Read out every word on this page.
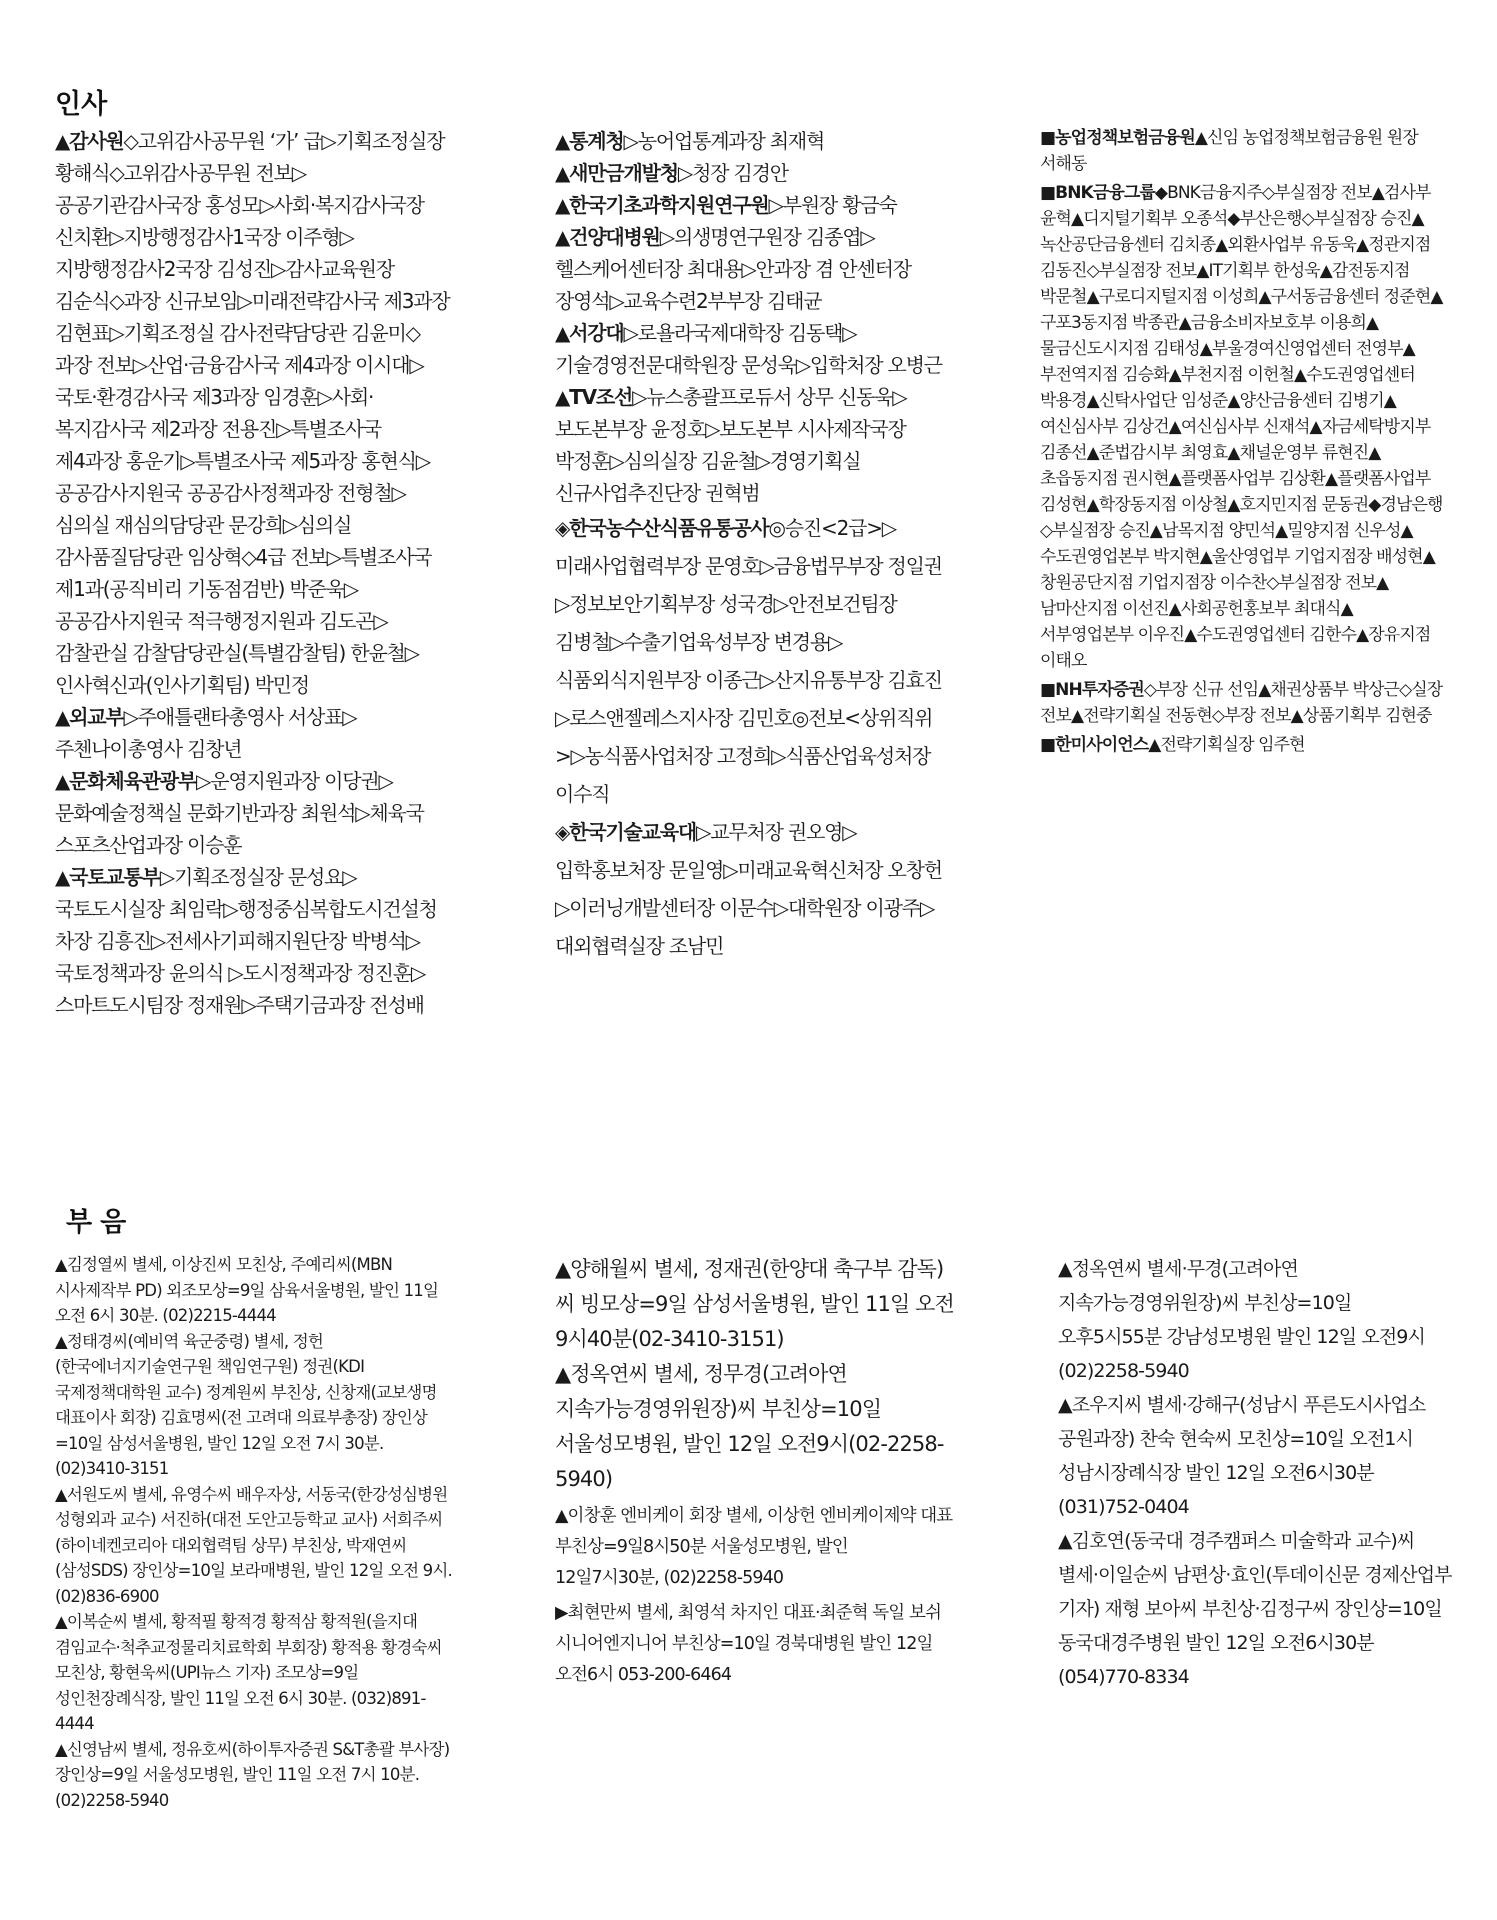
인사

▲감사원◇고위감사공무원 ‘가’ 급▷기획조정실장 황해식◇고위감사공무원 전보▷공공기관감사국장 홍성모▷사회·복지감사국장 신치환▷지방행정감사1국장 이주형▷지방행정감사2국장 김성진▷감사교육원장 김순식◇과장 신규보임▷미래전략감사국 제3과장 김현표▷기획조정실 감사전략담당관 김윤미◇과장 전보▷산업·금융감사국 제4과장 이시대▷국토·환경감사국 제3과장 임경훈▷사회·복지감사국 제2과장 전용진▷특별조사국 제4과장 홍운기▷특별조사국 제5과장 홍현식▷공공감사지원국 공공감사정책과장 전형철▷심의실 재심의담당관 문강희▷심의실 감사품질담당관 임상혁◇4급 전보▷특별조사국 제1과(공직비리 기동점검반) 박준욱▷공공감사지원국 적극행정지원과 김도곤▷감찰관실 감찰담당관실(특별감찰팀) 한윤철▷인사혁신과(인사기획팀) 박민정

▲외교부▷주애틀랜타총영사 서상표▷주첸나이총영사 김창년

▲문화체육관광부▷운영지원과장 이당권▷문화예술정책실 문화기반과장 최원석▷체육국 스포츠산업과장 이승훈

▲국토교통부▷기획조정실장 문성요▷국토도시실장 최임락▷행정중심복합도시건설청 차장 김흥진▷전세사기피해지원단장 박병석▷국토정책과장 윤의식 ▷도시정책과장 정진훈▷스마트도시팀장 정재원▷주택기금과장 전성배

▲통계청▷농어업통계과장 최재혁

▲새만금개발청▷청장 김경안

▲한국기초과학지원연구원▷부원장 황금숙

▲건양대병원▷의생명연구원장 김종엽▷헬스케어센터장 최대용▷안과장 겸 안센터장 장영석▷교육수련2부부장 김태균

▲서강대▷로욜라국제대학장 김동택▷기술경영전문대학원장 문성욱▷입학처장 오병근

▲TV조선▷뉴스총괄프로듀서 상무 신동욱▷보도본부장 윤정호▷보도본부 시사제작국장 박정훈▷심의실장 김윤철▷경영기획실 신규사업추진단장 권혁범

◈한국농수산식품유통공사◎승진<2급>▷미래사업협력부장 문영호▷금융법무부장 정일권▷정보보안기획부장 성국경▷안전보건팀장 김병철▷수출기업육성부장 변경용▷식품외식지원부장 이종근▷산지유통부장 김효진▷로스앤젤레스지사장 김민호◎전보<상위직위>▷농식품사업처장 고정희▷식품산업육성처장 이수직

◈한국기술교육대▷교무처장 권오영▷입학홍보처장 문일영▷미래교육혁신처장 오창헌▷이러닝개발센터장 이문수▷대학원장 이광주▷대외협력실장 조남민

■농업정책보험금융원▲신임 농업정책보험금융원 원장 서해동

■BNK금융그룹◆BNK금융지주◇부실점장 전보▲검사부 윤혁▲디지털기획부 오종석◆부산은행◇부실점장 승진▲녹산공단금융센터 김치종▲외환사업부 유동욱▲정관지점 김동진◇부실점장 전보▲IT기획부 한성욱▲감전동지점 박문철▲구로디지털지점 이성희▲구서동금융센터 정준현▲구포3동지점 박종관▲금융소비자보호부 이용희▲물금신도시지점 김태성▲부울경여신영업센터 전영부▲부전역지점 김승화▲부천지점 이헌철▲수도권영업센터 박용경▲신탁사업단 임성준▲양산금융센터 김병기▲여신심사부 김상건▲여신심사부 신재석▲자금세탁방지부 김종선▲준법감시부 최영효▲채널운영부 류현진▲초읍동지점 권시현▲플랫폼사업부 김상환▲플랫폼사업부 김성현▲학장동지점 이상철▲호지민지점 문동권◆경남은행◇부실점장 승진▲남목지점 양민석▲밀양지점 신우성▲수도권영업본부 박지현▲울산영업부 기업지점장 배성현▲창원공단지점 기업지점장 이수찬◇부실점장 전보▲남마산지점 이선진▲사회공헌홍보부 최대식▲서부영업본부 이우진▲수도권영업센터 김한수▲장유지점 이태오

■NH투자증권◇부장 신규 선임▲채권상품부 박상근◇실장 전보▲전략기획실 전동현◇부장 전보▲상품기획부 김현중

■한미사이언스▲전략기획실장 임주현

부음

▲김정열씨 별세, 이상진씨 모친상, 주예리씨(MBN 시사제작부 PD) 외조모상=9일 삼육서울병원, 발인 11일 오전 6시 30분. (02)2215-4444

▲정태경씨(예비역 육군중령) 별세, 정헌(한국에너지기술연구원 책임연구원) 정권(KDI 국제정책대학원 교수) 정계원씨 부친상, 신창재(교보생명 대표이사 회장) 김효명씨(전 고려대 의료부총장) 장인상=10일 삼성서울병원, 발인 12일 오전 7시 30분. (02)3410-3151

▲서원도씨 별세, 유영수씨 배우자상, 서동국(한강성심병원 성형외과 교수) 서진하(대전 도안고등학교 교사) 서희주씨(하이네켄코리아 대외협력팀 상무) 부친상, 박재연씨(삼성SDS) 장인상=10일 보라매병원, 발인 12일 오전 9시. (02)836-6900

▲이복순씨 별세, 황적필 황적경 황적삼 황적원(을지대 겸임교수·척추교정물리치료학회 부회장) 황적용 황경숙씨 모친상, 황현욱씨(UPI뉴스 기자) 조모상=9일 성인천장례식장, 발인 11일 오전 6시 30분. (032)891-4444

▲신영남씨 별세, 정유호씨(하이투자증권 S&T총괄 부사장) 장인상=9일 서울성모병원, 발인 11일 오전 7시 10분. (02)2258-5940

▲양해월씨 별세, 정재권(한양대 축구부 감독)씨 빙모상=9일 삼성서울병원, 발인 11일 오전 9시40분(02-3410-3151)

▲정옥연씨 별세, 정무경(고려아연 지속가능경영위원장)씨 부친상=10일 서울성모병원, 발인 12일 오전9시(02-2258-5940)

▲이창훈 엔비케이 회장 별세, 이상헌 엔비케이제약 대표 부친상=9일8시50분 서울성모병원, 발인 12일7시30분, (02)2258-5940

▶최현만씨 별세, 최영석 차지인 대표·최준혁 독일 보쉬 시니어엔지니어 부친상=10일 경북대병원 발인 12일 오전6시 053-200-6464

▲정옥연씨 별세·무경(고려아연 지속가능경영위원장)씨 부친상=10일 오후5시55분 강남성모병원 발인 12일 오전9시 (02)2258-5940

▲조우지씨 별세·강해구(성남시 푸른도시사업소 공원과장) 찬숙 현숙씨 모친상=10일 오전1시 성남시장례식장 발인 12일 오전6시30분 (031)752-0404

▲김호연(동국대 경주캠퍼스 미술학과 교수)씨 별세·이일순씨 남편상·효인(투데이신문 경제산업부 기자) 재형 보아씨 부친상·김정구씨 장인상=10일 동국대경주병원 발인 12일 오전6시30분 (054)770-8334
